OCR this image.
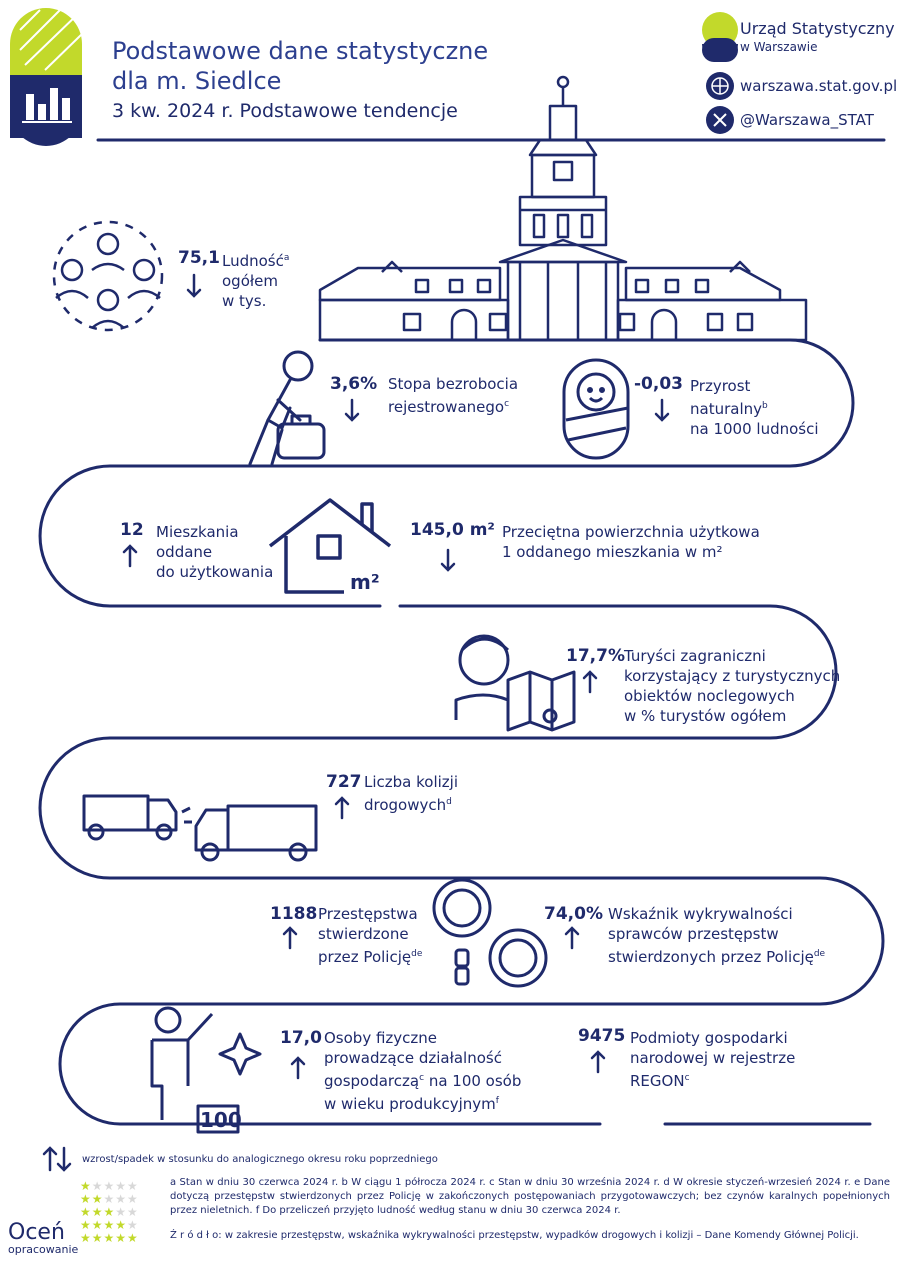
Podstawowe dane statystyczne
dla m. Siedlce
3 kw. 2024 r. Podstawowe tendencje
Urząd Statystyczny
w Warszawie
warszawa.stat.gov.pl
@Warszawa_STAT
75,1 Ludność$^a$
ogółem
w tys.
3,6% Stopa bezrobocia
rejestrowanego$^c$
-0,03 Przyrost
naturalny$^b$
na 1000 ludności
12 Mieszkania
oddane
do użytkowania	m²
145,0 m² Przeciętna powierzchnia użytkowa
1 oddanego mieszkania w m²
17,7% Turyści zagraniczni
korzystający z turystycznych
obiektów noclegowych
w % turystów ogółem
727 Liczba kolizji
drogowych$^d$
1188 Przestępstwa
stwierdzone
przez Policję$^{de}$
74,0% Wskaźnik wykrywalności
sprawców przestępstw
stwierdzonych przez Policję$^{de}$
17,0 Osoby fizyczne
prowadzące działalność
gospodarczą$^c$ na 100 osób
w wieku produkcyjnym$^f$
100
9475 Podmioty gospodarki
narodowej w rejestrze
REGON$^c$
wzrost/spadek w stosunku do analogicznego okresu roku poprzedniego
a Stan w dniu 30 czerwca 2024 r. b W ciągu 1 półrocza 2024 r. c Stan w dniu 30 września 2024 r. d W okresie styczeń-wrzesień 2024 r. e Dane dotyczą przestępstw stwierdzonych przez Policję w zakończonych postępowaniach przygotowawczych; bez czynów karalnych popełnionych przez nieletnich. f Do przeliczeń przyjęto ludność według stanu w dniu 30 czerwca 2024 r.
Ź r ó d ł o: w zakresie przestępstw, wskaźnika wykrywalności przestępstw, wypadków drogowych i kolizji – Dane Komendy Głównej Policji.
★★★★★
★★★★★
★★★★★
★★★★★
★★★★★
Oceń
opracowanie
